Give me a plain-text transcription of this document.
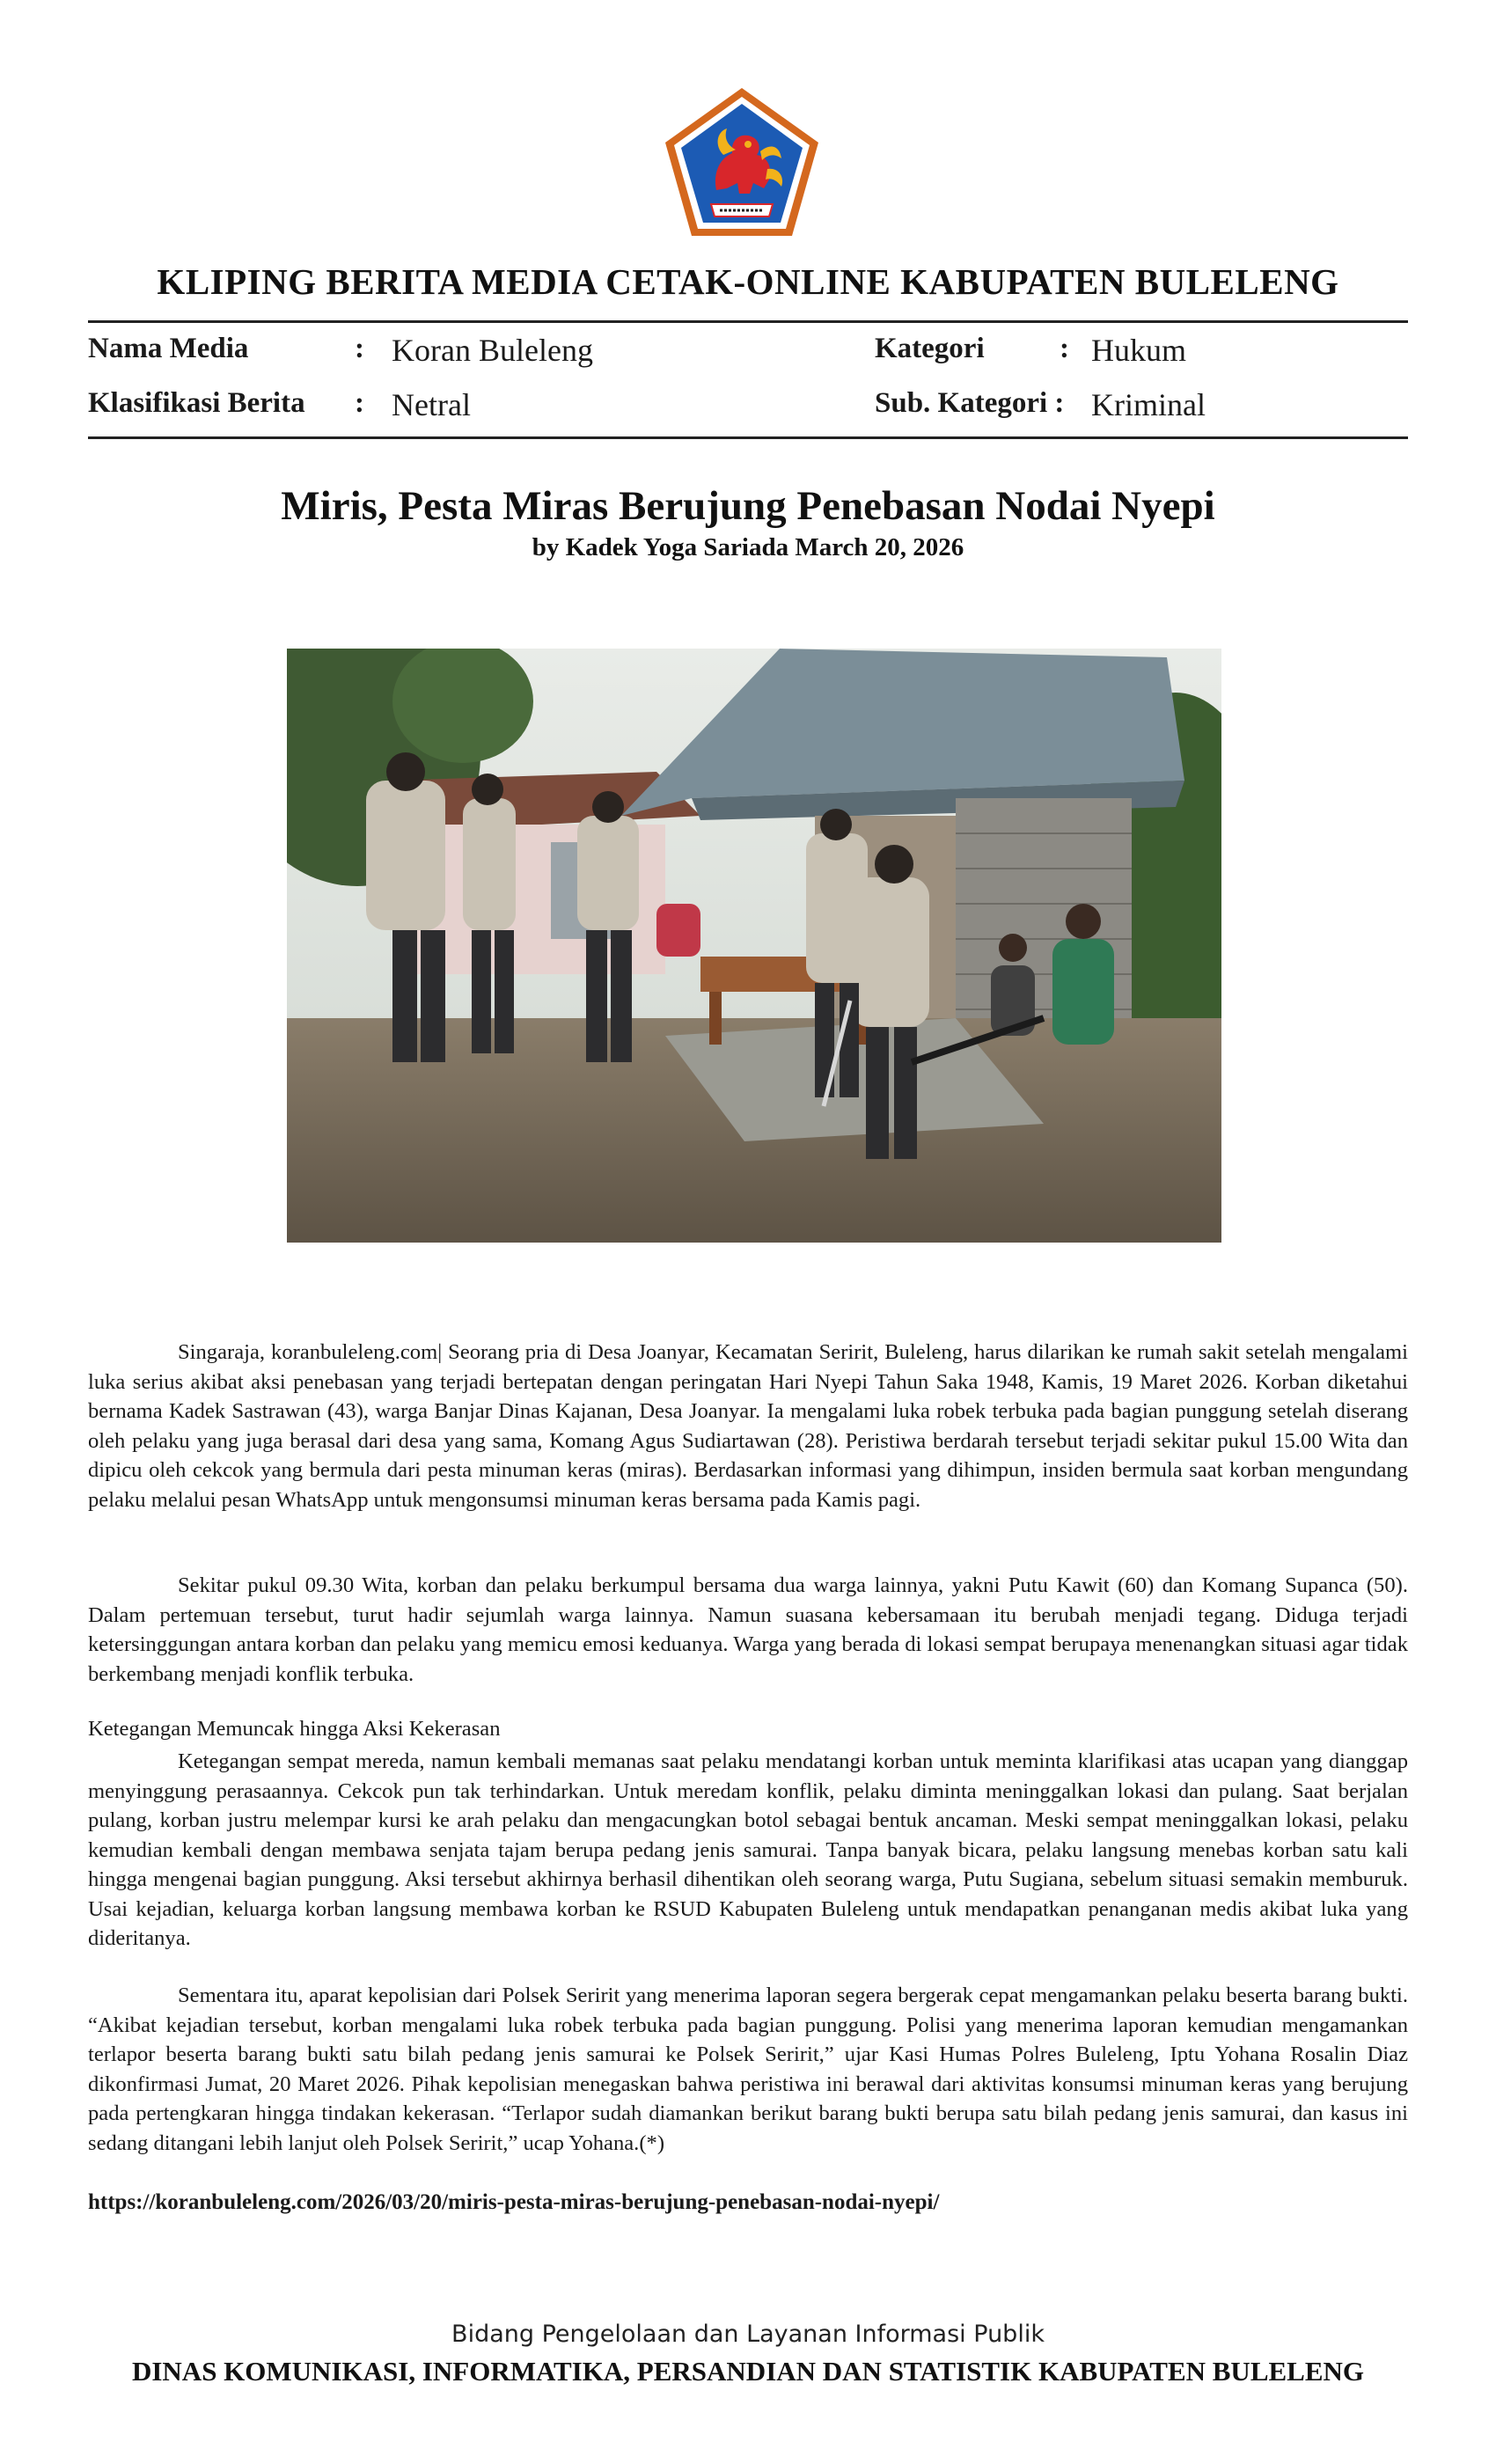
KLIPING BERITA MEDIA CETAK-ONLINE KABUPATEN BULELENG
Nama Media	: Koran Buleleng
Klasifikasi Berita : Netral
Kategori	: Hukum
Sub. Kategori : Kriminal
Miris, Pesta Miras Berujung Penebasan Nodai Nyepi
by Kadek Yoga Sariada March 20, 2026

Singaraja, koranbuleleng.com| Seorang pria di Desa Joanyar, Kecamatan Seririt, Buleleng, harus dilarikan ke rumah sakit setelah mengalami luka serius akibat aksi penebasan yang terjadi bertepatan dengan peringatan Hari Nyepi Tahun Saka 1948, Kamis, 19 Maret 2026. Korban diketahui bernama Kadek Sastrawan (43), warga Banjar Dinas Kajanan, Desa Joanyar. Ia mengalami luka robek terbuka pada bagian punggung setelah diserang oleh pelaku yang juga berasal dari desa yang sama, Komang Agus Sudiartawan (28). Peristiwa berdarah tersebut terjadi sekitar pukul 15.00 Wita dan dipicu oleh cekcok yang bermula dari pesta minuman keras (miras). Berdasarkan informasi yang dihimpun, insiden bermula saat korban mengundang pelaku melalui pesan WhatsApp untuk mengonsumsi minuman keras bersama pada Kamis pagi.

Sekitar pukul 09.30 Wita, korban dan pelaku berkumpul bersama dua warga lainnya, yakni Putu Kawit (60) dan Komang Supanca (50). Dalam pertemuan tersebut, turut hadir sejumlah warga lainnya. Namun suasana kebersamaan itu berubah menjadi tegang. Diduga terjadi ketersinggungan antara korban dan pelaku yang memicu emosi keduanya. Warga yang berada di lokasi sempat berupaya menenangkan situasi agar tidak berkembang menjadi konflik terbuka.

Ketegangan Memuncak hingga Aksi Kekerasan

Ketegangan sempat mereda, namun kembali memanas saat pelaku mendatangi korban untuk meminta klarifikasi atas ucapan yang dianggap menyinggung perasaannya. Cekcok pun tak terhindarkan. Untuk meredam konflik, pelaku diminta meninggalkan lokasi dan pulang. Saat berjalan pulang, korban justru melempar kursi ke arah pelaku dan mengacungkan botol sebagai bentuk ancaman. Meski sempat meninggalkan lokasi, pelaku kemudian kembali dengan membawa senjata tajam berupa pedang jenis samurai. Tanpa banyak bicara, pelaku langsung menebas korban satu kali hingga mengenai bagian punggung. Aksi tersebut akhirnya berhasil dihentikan oleh seorang warga, Putu Sugiana, sebelum situasi semakin memburuk. Usai kejadian, keluarga korban langsung membawa korban ke RSUD Kabupaten Buleleng untuk mendapatkan penanganan medis akibat luka yang dideritanya.

Sementara itu, aparat kepolisian dari Polsek Seririt yang menerima laporan segera bergerak cepat mengamankan pelaku beserta barang bukti. “Akibat kejadian tersebut, korban mengalami luka robek terbuka pada bagian punggung. Polisi yang menerima laporan kemudian mengamankan terlapor beserta barang bukti satu bilah pedang jenis samurai ke Polsek Seririt,” ujar Kasi Humas Polres Buleleng, Iptu Yohana Rosalin Diaz dikonfirmasi Jumat, 20 Maret 2026. Pihak kepolisian menegaskan bahwa peristiwa ini berawal dari aktivitas konsumsi minuman keras yang berujung pada pertengkaran hingga tindakan kekerasan. “Terlapor sudah diamankan berikut barang bukti berupa satu bilah pedang jenis samurai, dan kasus ini sedang ditangani lebih lanjut oleh Polsek Seririt,” ucap Yohana.(*)

https://koranbuleleng.com/2026/03/20/miris-pesta-miras-berujung-penebasan-nodai-nyepi/
Bidang Pengelolaan dan Layanan Informasi Publik
DINAS KOMUNIKASI, INFORMATIKA, PERSANDIAN DAN STATISTIK KABUPATEN BULELENG
